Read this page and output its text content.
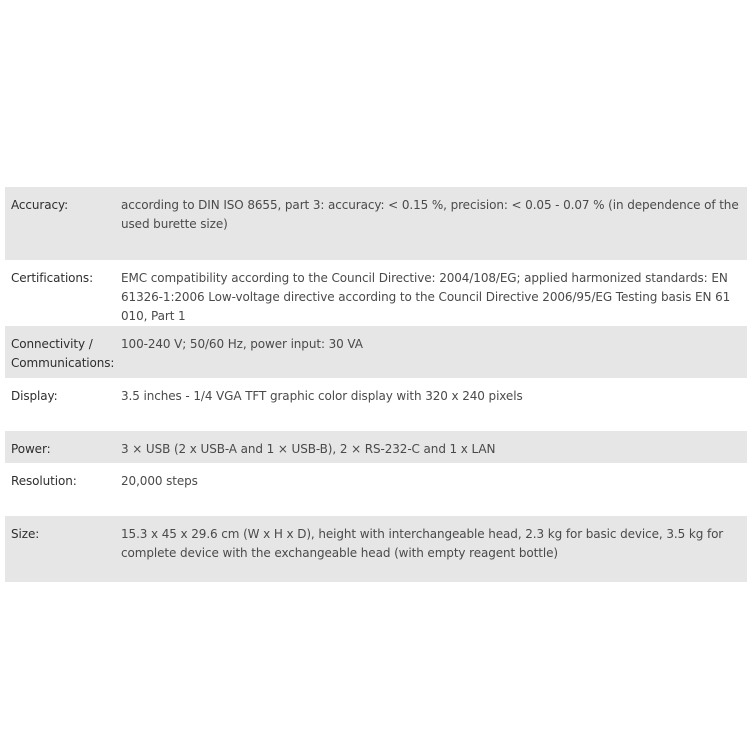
Accuracy:	according to DIN ISO 8655, part 3: accuracy: < 0.15 %, precision: < 0.05 - 0.07 % (in dependence of the used burette size)
Certifications:	EMC compatibility according to the Council Directive: 2004/108/EG; applied harmonized standards: EN 61326-1:2006 Low-voltage directive according to the Council Directive 2006/95/EG Testing basis EN 61 010, Part 1
Connectivity / Communications:	100-240 V; 50/60 Hz, power input: 30 VA
Display:	3.5 inches - 1/4 VGA TFT graphic color display with 320 x 240 pixels
Power:	3 × USB (2 x USB-A and 1 × USB-B), 2 × RS-232-C and 1 x LAN
Resolution:	20,000 steps
Size:	15.3 x 45 x 29.6 cm (W x H x D), height with interchangeable head, 2.3 kg for basic device, 3.5 kg for complete device with the exchangeable head (with empty reagent bottle)
